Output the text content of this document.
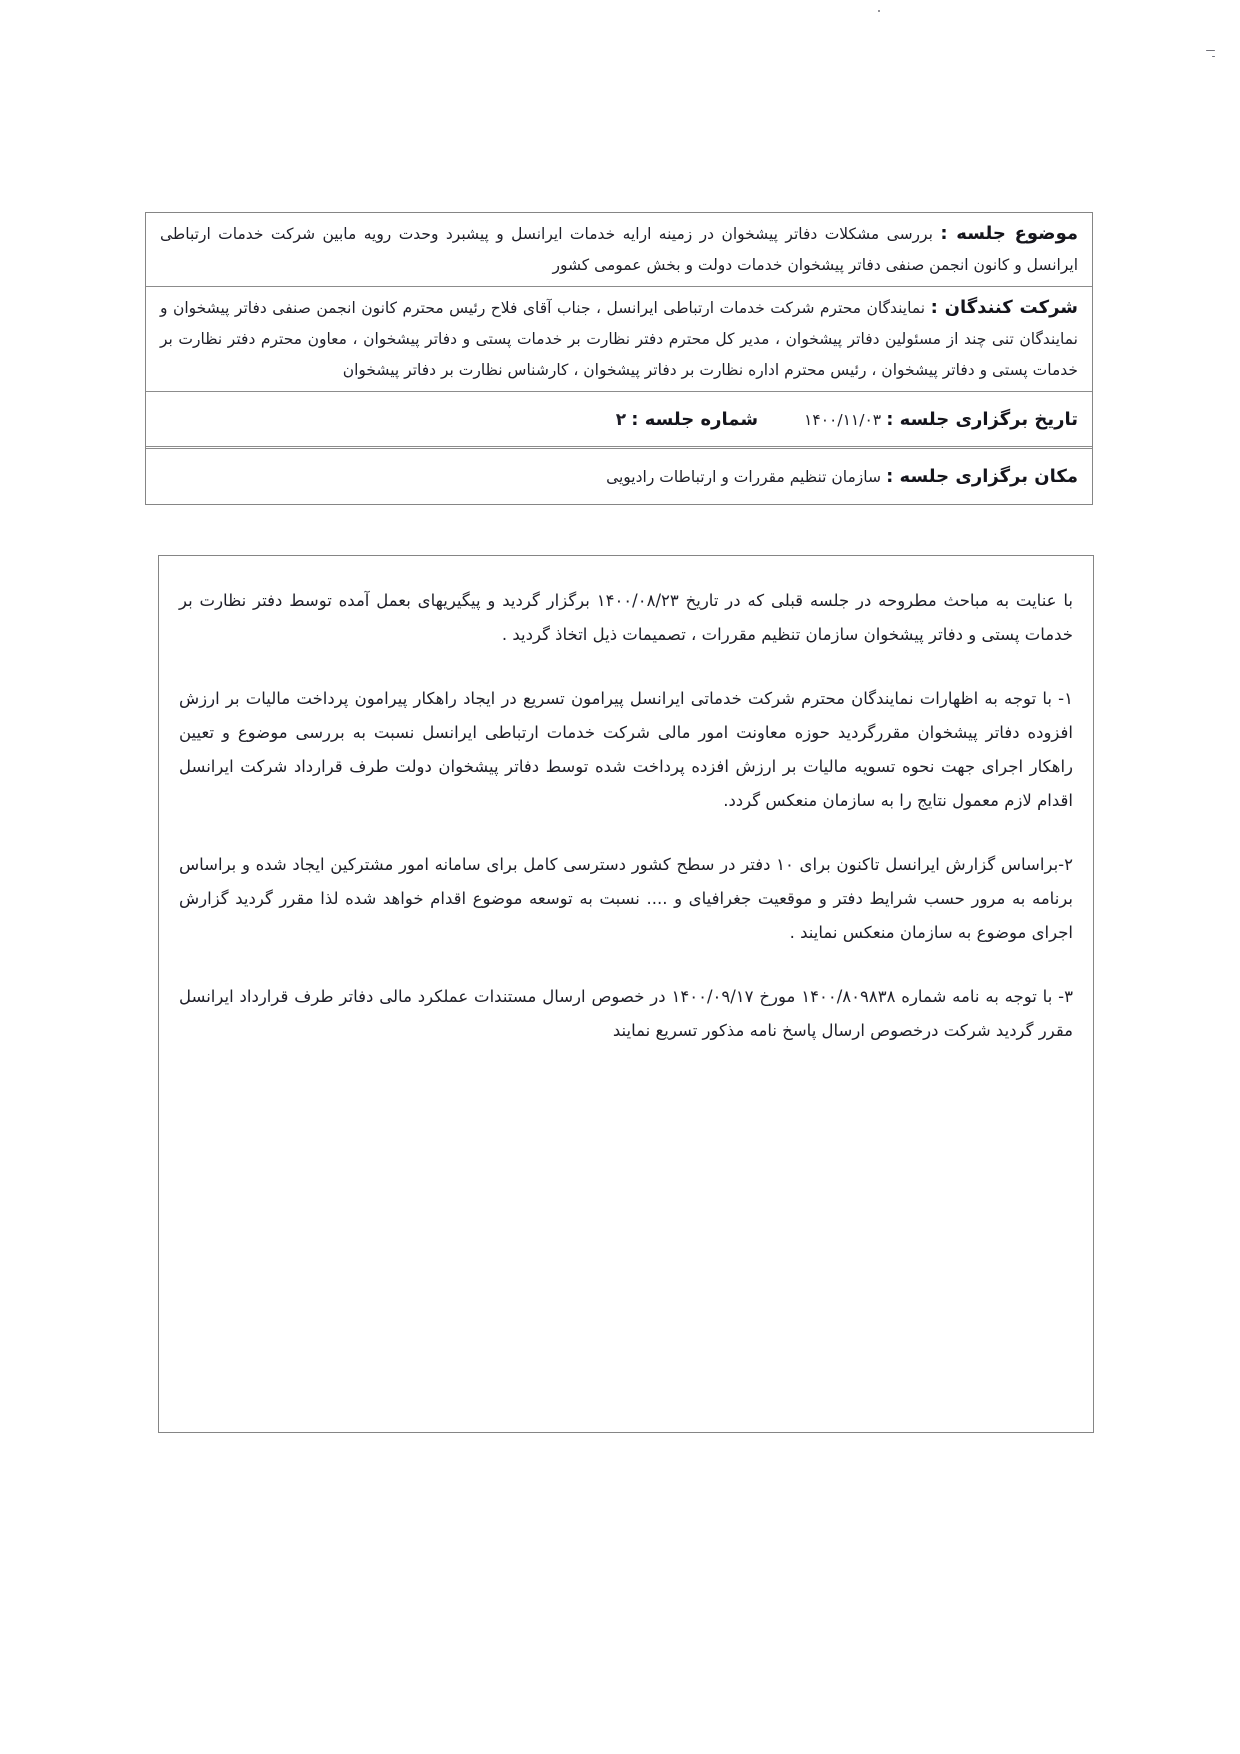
موضوع جلسه : بررسی مشکلات دفاتر پیشخوان در زمینه ارایه خدمات ایرانسل و پیشبرد وحدت رویه مابین شرکت خدمات ارتباطی ایرانسل و کانون انجمن صنفی دفاتر پیشخوان خدمات دولت و بخش عمومی کشور

شرکت کنندگان : نمایندگان محترم شرکت خدمات ارتباطی ایرانسل ، جناب آقای فلاح رئیس محترم کانون انجمن صنفی دفاتر پیشخوان و نمایندگان تنی چند از مسئولین دفاتر پیشخوان ، مدیر کل محترم دفتر نظارت بر خدمات پستی و دفاتر پیشخوان ، معاون محترم دفتر نظارت بر خدمات پستی و دفاتر پیشخوان ، رئیس محترم اداره نظارت بر دفاتر پیشخوان ، کارشناس نظارت بر دفاتر پیشخوان

تاریخ برگزاری جلسه : ۱۴۰۰/۱۱/۰۳
شماره جلسه : ۲
مکان برگزاری جلسه : سازمان تنظیم مقررات و ارتباطات رادیویی

با عنایت به مباحث مطروحه در جلسه قبلی که در تاریخ ۱۴۰۰/۰۸/۲۳ برگزار گردید و پیگیریهای بعمل آمده توسط دفتر نظارت بر خدمات پستی و دفاتر پیشخوان سازمان تنظیم مقررات ، تصمیمات ذیل اتخاذ گردید .

۱- با توجه به اظهارات نمایندگان محترم شرکت خدماتی ایرانسل پیرامون تسریع در ایجاد راهکار پیرامون پرداخت مالیات بر ارزش افزوده دفاتر پیشخوان مقررگردید حوزه معاونت امور مالی شرکت خدمات ارتباطی ایرانسل نسبت به بررسی موضوع و تعیین راهکار اجرای جهت نحوه تسویه مالیات بر ارزش افزده پرداخت شده توسط دفاتر پیشخوان دولت طرف قرارداد شرکت ایرانسل اقدام لازم معمول نتایج را به سازمان منعکس گردد.

۲-براساس گزارش ایرانسل تاکنون برای ۱۰ دفتر در سطح کشور دسترسی کامل برای سامانه امور مشترکین ایجاد شده و براساس برنامه به مرور حسب شرایط دفتر و موقعیت جغرافیای و .... نسبت به توسعه موضوع اقدام خواهد شده لذا مقرر گردید گزارش اجرای موضوع به سازمان منعکس نمایند .

۳- با توجه به نامه شماره ۱۴۰۰/۸۰۹۸۳۸ مورخ ۱۴۰۰/۰۹/۱۷ در خصوص ارسال مستندات عملکرد مالی دفاتر طرف قرارداد ایرانسل مقرر گردید شرکت درخصوص ارسال پاسخ نامه مذکور تسریع نمایند
